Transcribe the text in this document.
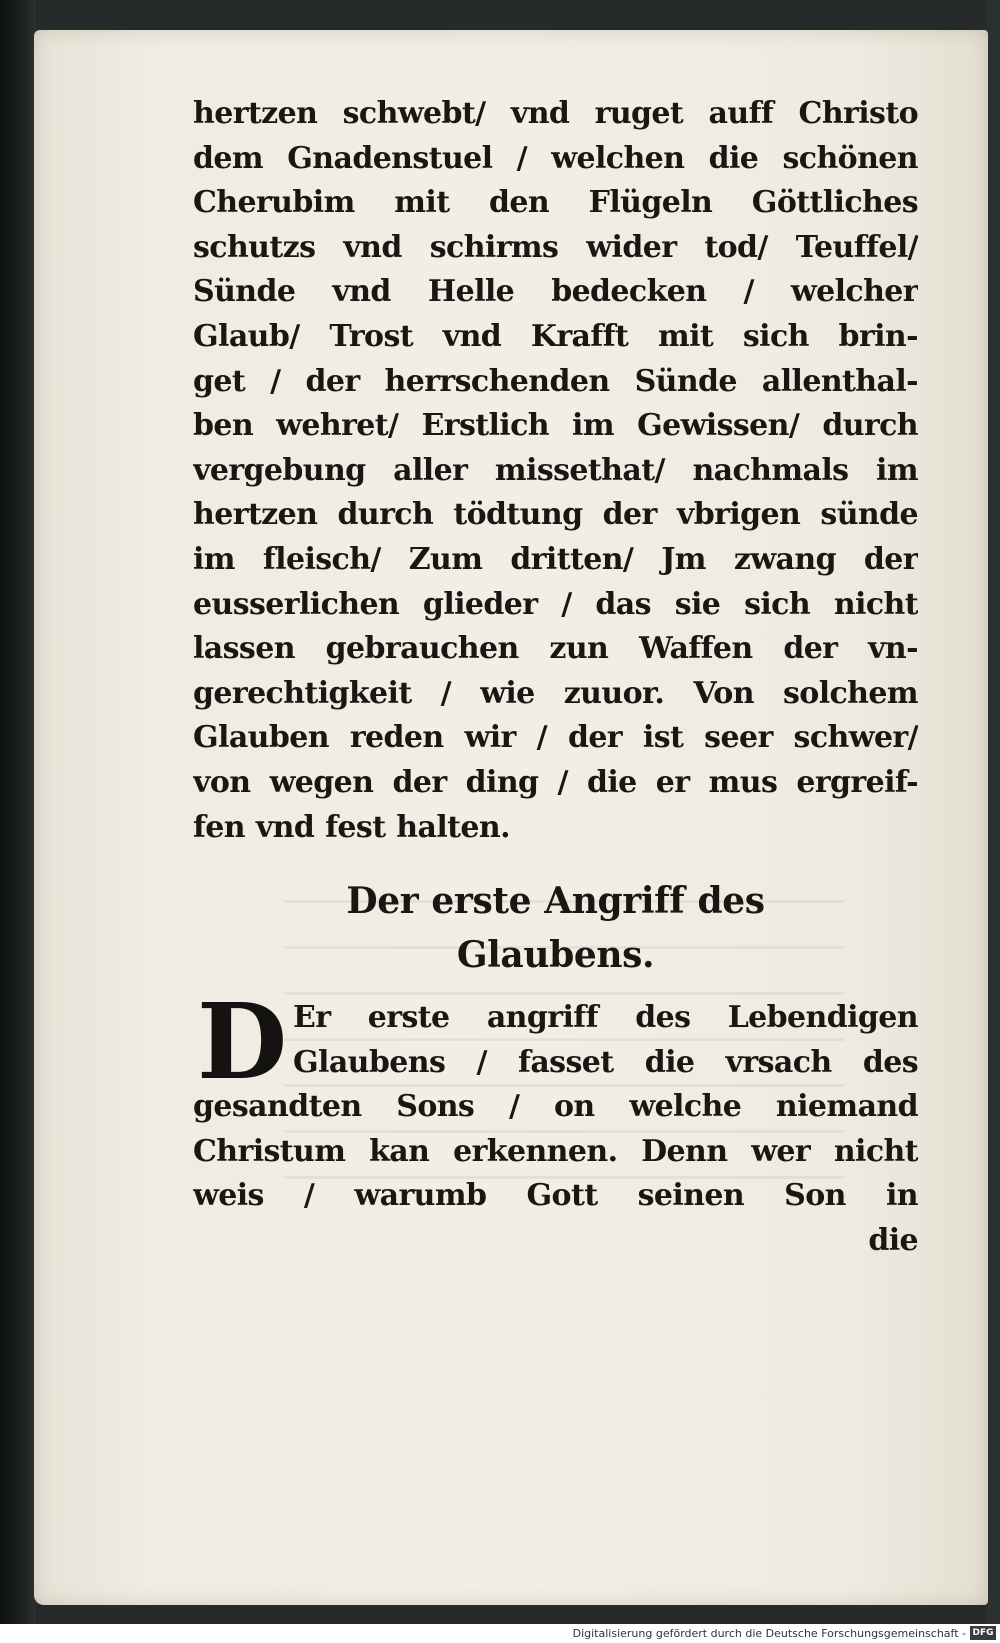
hertzen schwebt/ vnd ruget auff Christo
dem Gnadenstuel / welchen die schönen
Cherubim mit den Flügeln Göttliches
schutzs vnd schirms wider tod/ Teuffel/
Sünde vnd Helle bedecken / welcher
Glaub/ Trost vnd Krafft mit sich brin-
get / der herrschenden Sünde allenthal-
ben wehret/ Erstlich im Gewissen/ durch
vergebung aller missethat/ nachmals im
hertzen durch tödtung der vbrigen sünde
im fleisch/ Zum dritten/ Jm zwang der
eusserlichen glieder / das sie sich nicht
lassen gebrauchen zun Waffen der vn-
gerechtigkeit / wie zuuor. Von solchem
Glauben reden wir / der ist seer schwer/
von wegen der ding / die er mus ergreif-
fen vnd fest halten.
Der erste Angriff des
Glaubens.
D Er erste angriff des Lebendigen
Glaubens / fasset die vrsach des
gesandten Sons / on welche niemand
Christum kan erkennen. Denn wer nicht
weis / warumb Gott seinen Son in
die
Digitalisierung gefördert durch die Deutsche Forschungsgemeinschaft - DFG
